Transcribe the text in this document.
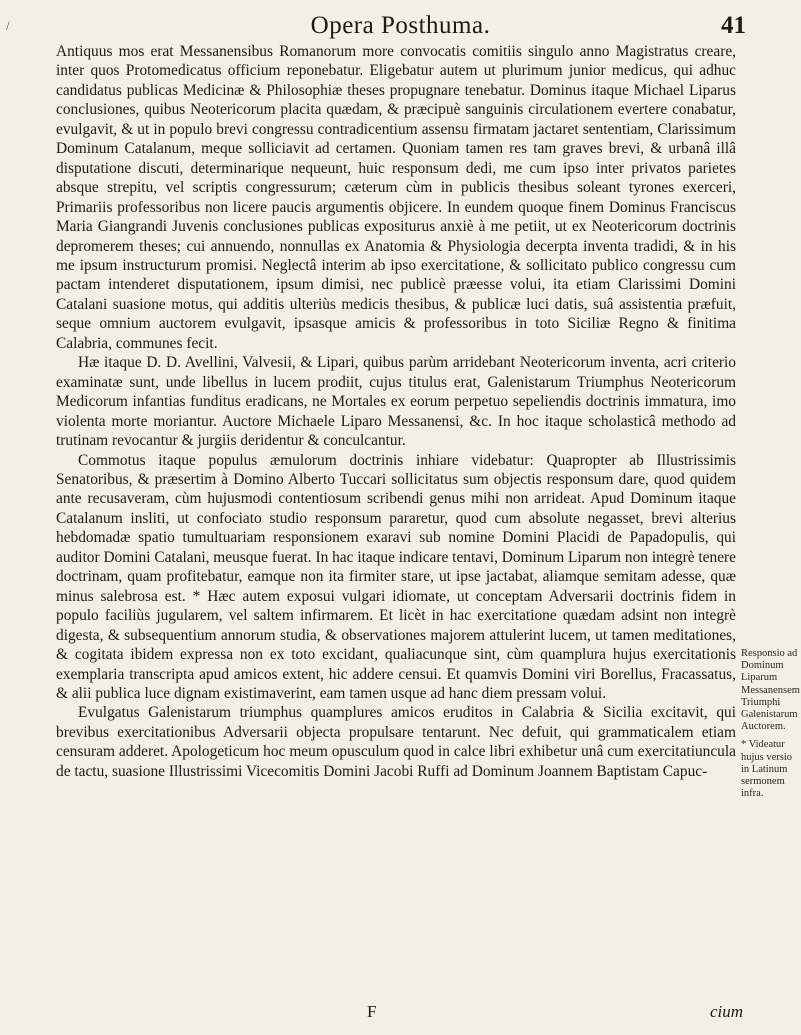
/	Opera Posthuma.	41

Antiquus mos erat Messanensibus Romanorum more convocatis comitiis singulo anno Magistratus creare, inter quos Protomedicatus officium reponebatur. Eligebatur autem ut plurimum junior medicus, qui adhuc candidatus publicas Medicinæ & Philosophiæ theses propugnare tenebatur. Dominus itaque Michael Liparus conclusiones, quibus Neotericorum placita quædam, & præcipuè sanguinis circulationem evertere conabatur, evulgavit, & ut in populo brevi congressu contradicentium assensu firmatam jactaret sententiam, Clarissimum Dominum Catalanum, meque solliciavit ad certamen. Quoniam tamen res tam graves brevi, & urbanâ illâ disputatione discuti, determinarique nequeunt, huic responsum dedi, me cum ipso inter privatos parietes absque strepitu, vel scriptis congressurum; cæterum cùm in publicis thesibus soleant tyrones exerceri, Primariis professoribus non licere paucis argumentis objicere. In eundem quoque finem Dominus Franciscus Maria Giangrandi Juvenis conclusiones publicas expositurus anxiè à me petiit, ut ex Neotericorum doctrinis depromerem theses; cui annuendo, nonnullas ex Anatomia & Physiologia decerpta inventa tradidi, & in his me ipsum instructurum promisi. Neglectâ interim ab ipso exercitatione, & sollicitato publico congressu cum pactam intenderet disputationem, ipsum dimisi, nec publicè præesse volui, ita etiam Clarissimi Domini Catalani suasione motus, qui additis ulteriùs medicis thesibus, & publicæ luci datis, suâ assistentia præfuit, seque omnium auctorem evulgavit, ipsasque amicis & professoribus in toto Siciliæ Regno & finitima Calabria, communes fecit.

Hæ itaque D. D. Avellini, Valvesii, & Lipari, quibus parùm arridebant Neotericorum inventa, acri criterio examinatæ sunt, unde libellus in lucem prodiit, cujus titulus erat, Galenistarum Triumphus Neotericorum Medicorum infantias funditus eradicans, ne Mortales ex eorum perpetuo sepeliendis doctrinis immatura, imo violenta morte moriantur. Auctore Michaele Liparo Messanensi, &c. In hoc itaque scholasticâ methodo ad trutinam revocantur & jurgiis deridentur & conculcantur.

Commotus itaque populus æmulorum doctrinis inhiare videbatur: Quapropter ab Illustrissimis Senatoribus, & præsertim à Domino Alberto Tuccari sollicitatus sum objectis responsum dare, quod quidem ante recusaveram, cùm hujusmodi contentiosum scribendi genus mihi non arrideat. Apud Dominum itaque Catalanum insliti, ut confociato studio responsum pararetur, quod cum absolute negasset, brevi alterius hebdomadæ spatio tumultuariam responsionem exaravi sub nomine Domini Placidi de Papadopulis, qui auditor Domini Catalani, meusque fuerat. In hac itaque indicare tentavi, Dominum Liparum non integrè tenere doctrinam, quam profitebatur, eamque non ita firmiter stare, ut ipse jactabat, aliamque semitam adesse, quæ minus salebrosa est. * Hæc autem exposui vulgari idiomate, ut conceptam Adversarii doctrinis fidem in populo faciliùs jugularem, vel saltem infirmarem. Et licèt in hac exercitatione quædam adsint non integrè digesta, & subsequentium annorum studia, & observationes majorem attulerint lucem, ut tamen meditationes, & cogitata ibidem expressa non ex toto excidant, qualiacunque sint, cùm quamplura hujus exercitationis exemplaria transcripta apud amicos extent, hic addere censui. Et quamvis Domini viri Borellus, Fracassatus, & alii publica luce dignam existimaverint, eam tamen usque ad hanc diem pressam volui.

Evulgatus Galenistarum triumphus quamplures amicos eruditos in Calabria & Sicilia excitavit, qui brevibus exercitationibus Adversarii objecta propulsare tentarunt. Nec defuit, qui grammaticalem etiam censuram adderet. Apologeticum hoc meum opusculum quod in calce libri exhibetur unâ cum exercitatiuncula de tactu, suasione Illustrissimi Vicecomitis Domini Jacobi Ruffi ad Dominum Joannem Baptistam Capuc-

Responsio ad Dominum Liparum Messanensem Triumphi Galenistarum Auctorem.
* Videatur hujus versio in Latinum sermonem infra.
F	cium
